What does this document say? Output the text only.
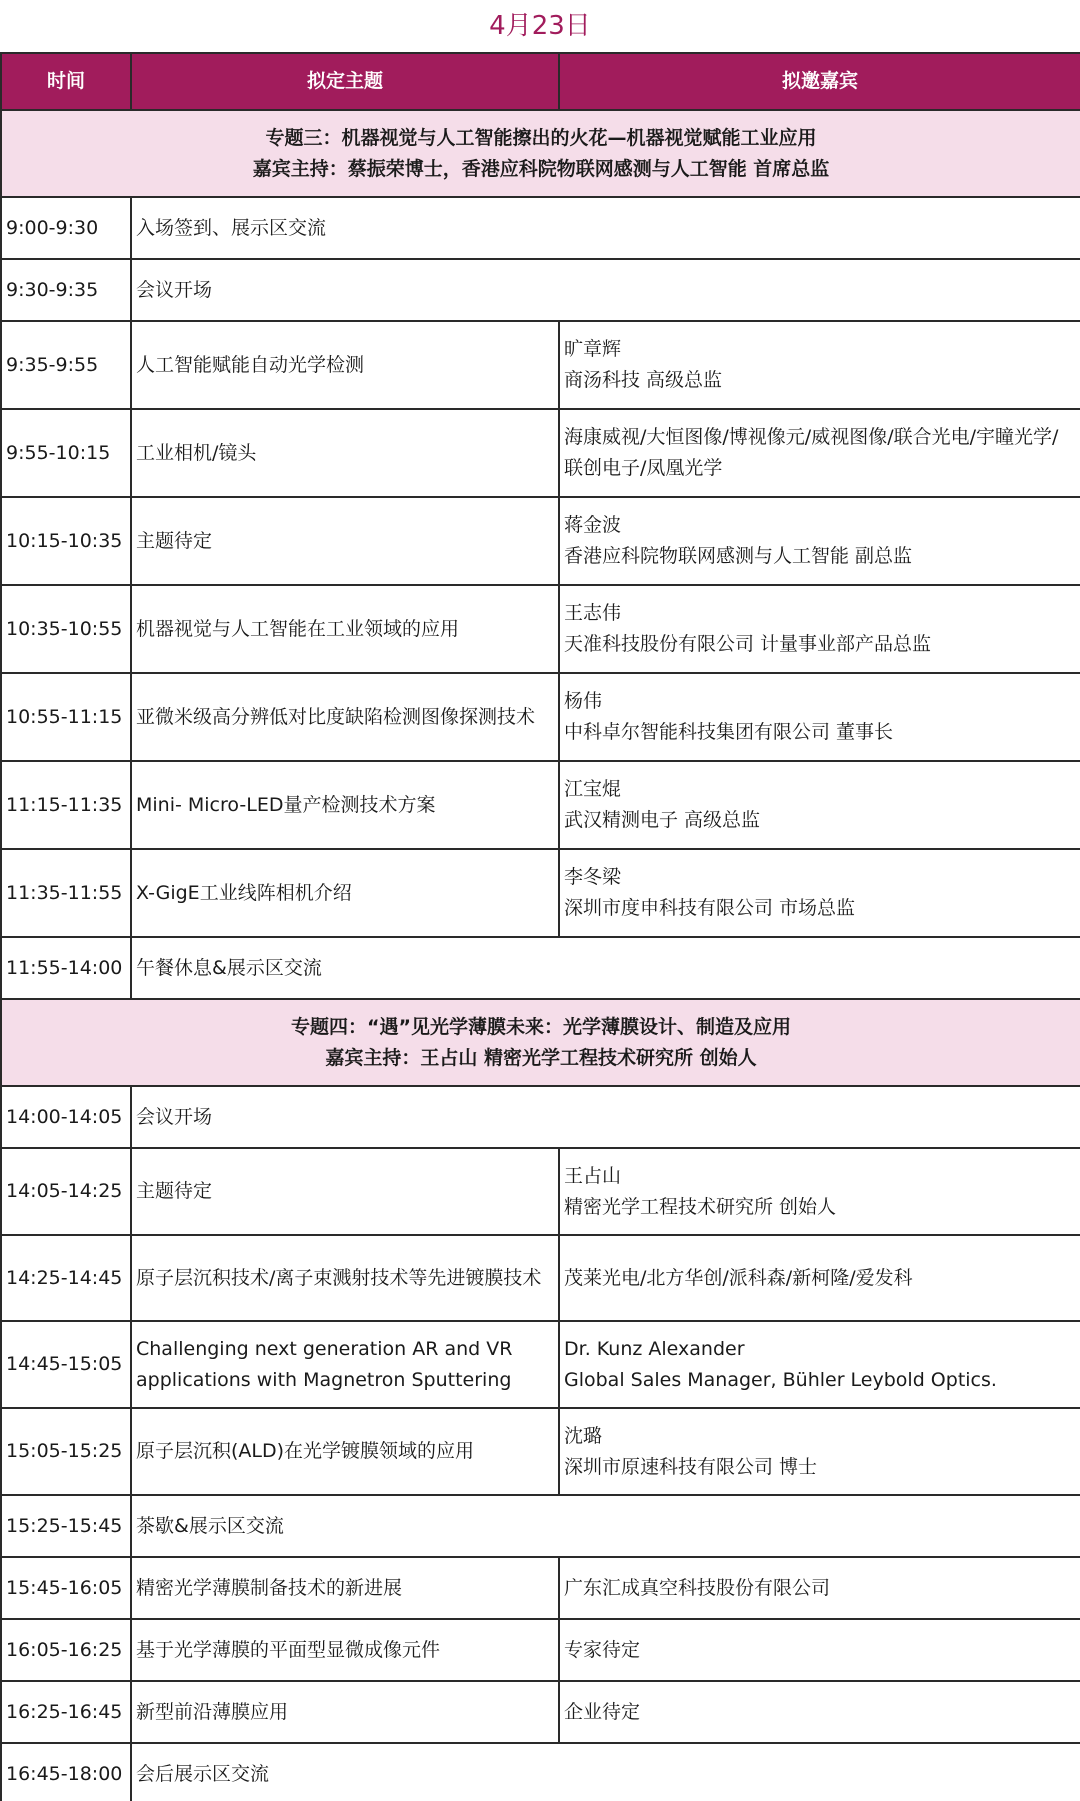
4月23日
时间	拟定主题	拟邀嘉宾

专题三：机器视觉与人工智能擦出的火花—机器视觉赋能工业应用
嘉宾主持：蔡振荣博士，香港应科院物联网感测与人工智能 首席总监		

9:00-9:30	入场签到、展示区交流	
9:30-9:35	会议开场	
9:35-9:55	人工智能赋能自动光学检测	旷章辉
商汤科技 高级总监

9:55-10:15	工业相机/镜头	海康威视/大恒图像/博视像元/威视图像/联合光电/宇瞳光学/联创电子/凤凰光学
10:15-10:35	主题待定	蒋金波
香港应科院物联网感测与人工智能 副总监

10:35-10:55	机器视觉与人工智能在工业领域的应用	王志伟
天准科技股份有限公司 计量事业部产品总监

10:55-11:15	亚微米级高分辨低对比度缺陷检测图像探测技术	杨伟
中科卓尔智能科技集团有限公司 董事长

11:15-11:35	Mini- Micro-LED量产检测技术方案	江宝焜
武汉精测电子 高级总监

11:35-11:55	X-GigE工业线阵相机介绍	李冬梁
深圳市度申科技有限公司 市场总监

11:55-14:00	午餐休息&展示区交流	

专题四：“遇”见光学薄膜未来：光学薄膜设计、制造及应用
嘉宾主持：王占山 精密光学工程技术研究所 创始人		

14:00-14:05	会议开场	
14:05-14:25	主题待定	王占山
精密光学工程技术研究所 创始人

14:25-14:45	原子层沉积技术/离子束溅射技术等先进镀膜技术	茂莱光电/北方华创/派科森/新柯隆/爱发科
14:45-15:05	Challenging next generation AR and VR
applications with Magnetron Sputtering	Dr. Kunz Alexander
Global Sales Manager, Bühler Leybold Optics.

15:05-15:25	原子层沉积(ALD)在光学镀膜领域的应用	沈璐
深圳市原速科技有限公司 博士

15:25-15:45	茶歇&展示区交流	
15:45-16:05	精密光学薄膜制备技术的新进展	广东汇成真空科技股份有限公司
16:05-16:25	基于光学薄膜的平面型显微成像元件	专家待定
16:25-16:45	新型前沿薄膜应用	企业待定
16:45-18:00	会后展示区交流	
